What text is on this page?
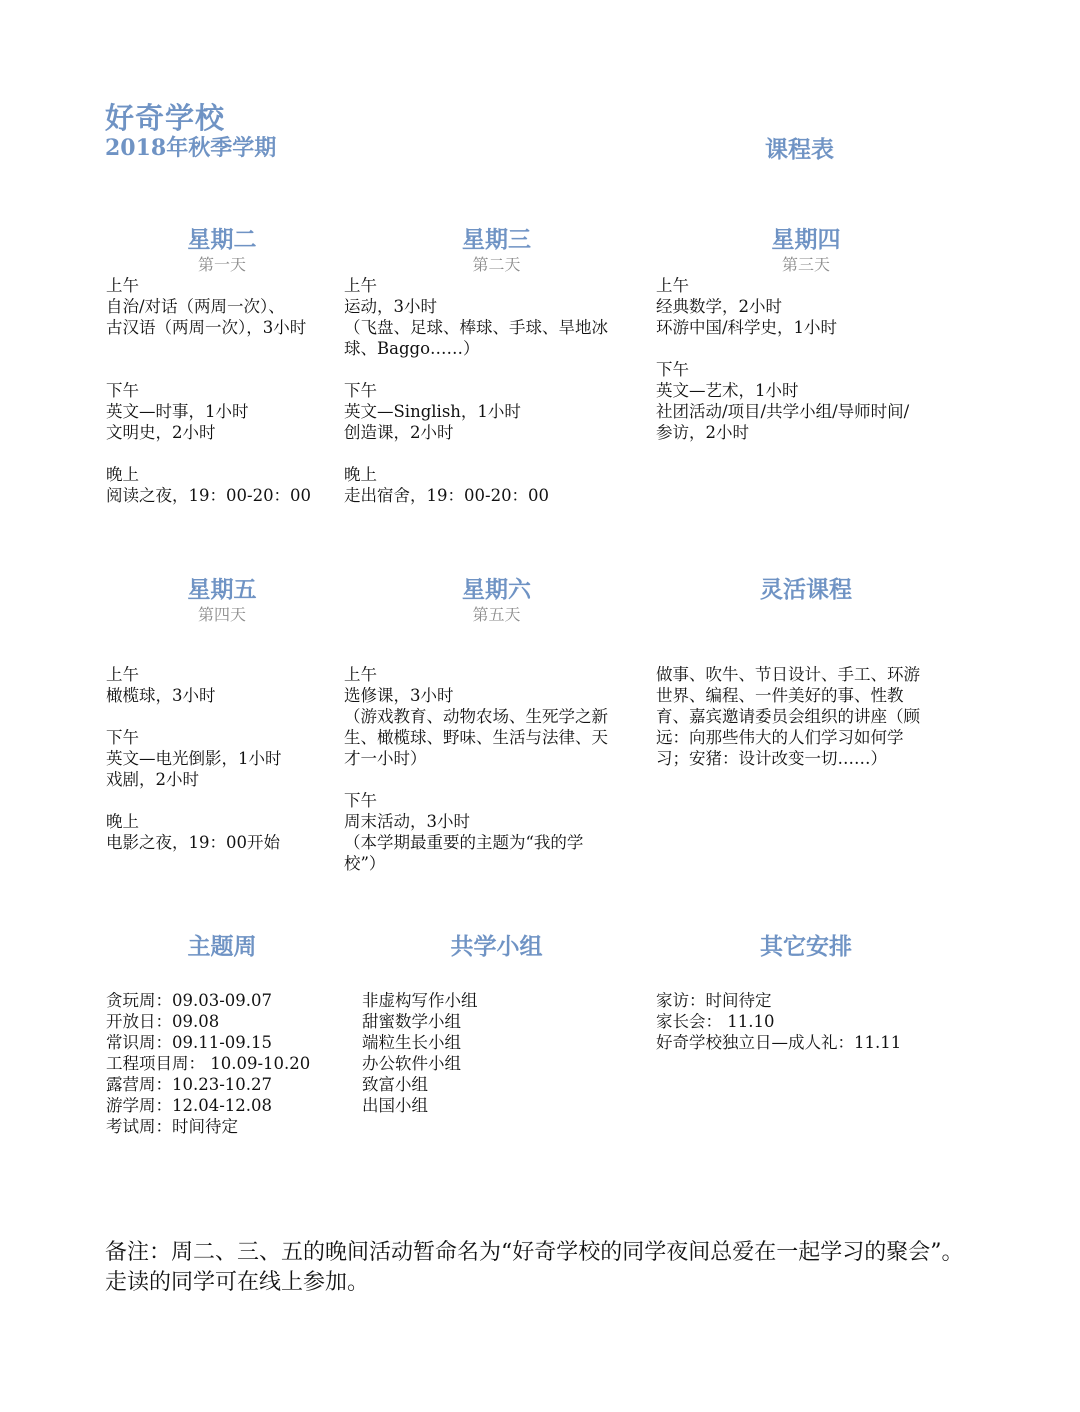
好奇学校
2018年秋季学期	课程表
星期二
第一天
上午
自治/对话（两周一次）、
古汉语（两周一次），3小时
下午
英文—时事，1小时
文明史，2小时
晚上
阅读之夜，19：00-20：00
星期三
第二天
上午
运动，3小时
（飞盘、足球、棒球、手球、旱地冰
球、Baggo……）
下午
英文—Singlish，1小时
创造课，2小时
晚上
走出宿舍，19：00-20：00
星期四
第三天
上午
经典数学，2小时
环游中国/科学史，1小时
下午
英文—艺术，1小时
社团活动/项目/共学小组/导师时间/
参访，2小时
星期五
第四天
上午
橄榄球，3小时
下午
英文—电光倒影，1小时
戏剧，2小时
晚上
电影之夜，19：00开始
星期六
第五天
上午
选修课，3小时
（游戏教育、动物农场、生死学之新
生、橄榄球、野味、生活与法律、天
才一小时）
下午
周末活动，3小时
（本学期最重要的主题为“我的学
校”）
灵活课程
做事、吹牛、节日设计、手工、环游
世界、编程、一件美好的事、性教
育、嘉宾邀请委员会组织的讲座（顾
远：向那些伟大的人们学习如何学
习；安猪：设计改变一切……）
主题周
贪玩周：09.03-09.07
开放日：09.08
常识周：09.11-09.15
工程项目周： 10.09-10.20
露营周：10.23-10.27
游学周：12.04-12.08
考试周：时间待定
共学小组
非虚构写作小组
甜蜜数学小组
端粒生长小组
办公软件小组
致富小组
出国小组
其它安排
家访：时间待定
家长会： 11.10
好奇学校独立日—成人礼：11.11
备注：周二、三、五的晚间活动暂命名为“好奇学校的同学夜间总爱在一起学习的聚会”。走读的同学可在线上参加。
